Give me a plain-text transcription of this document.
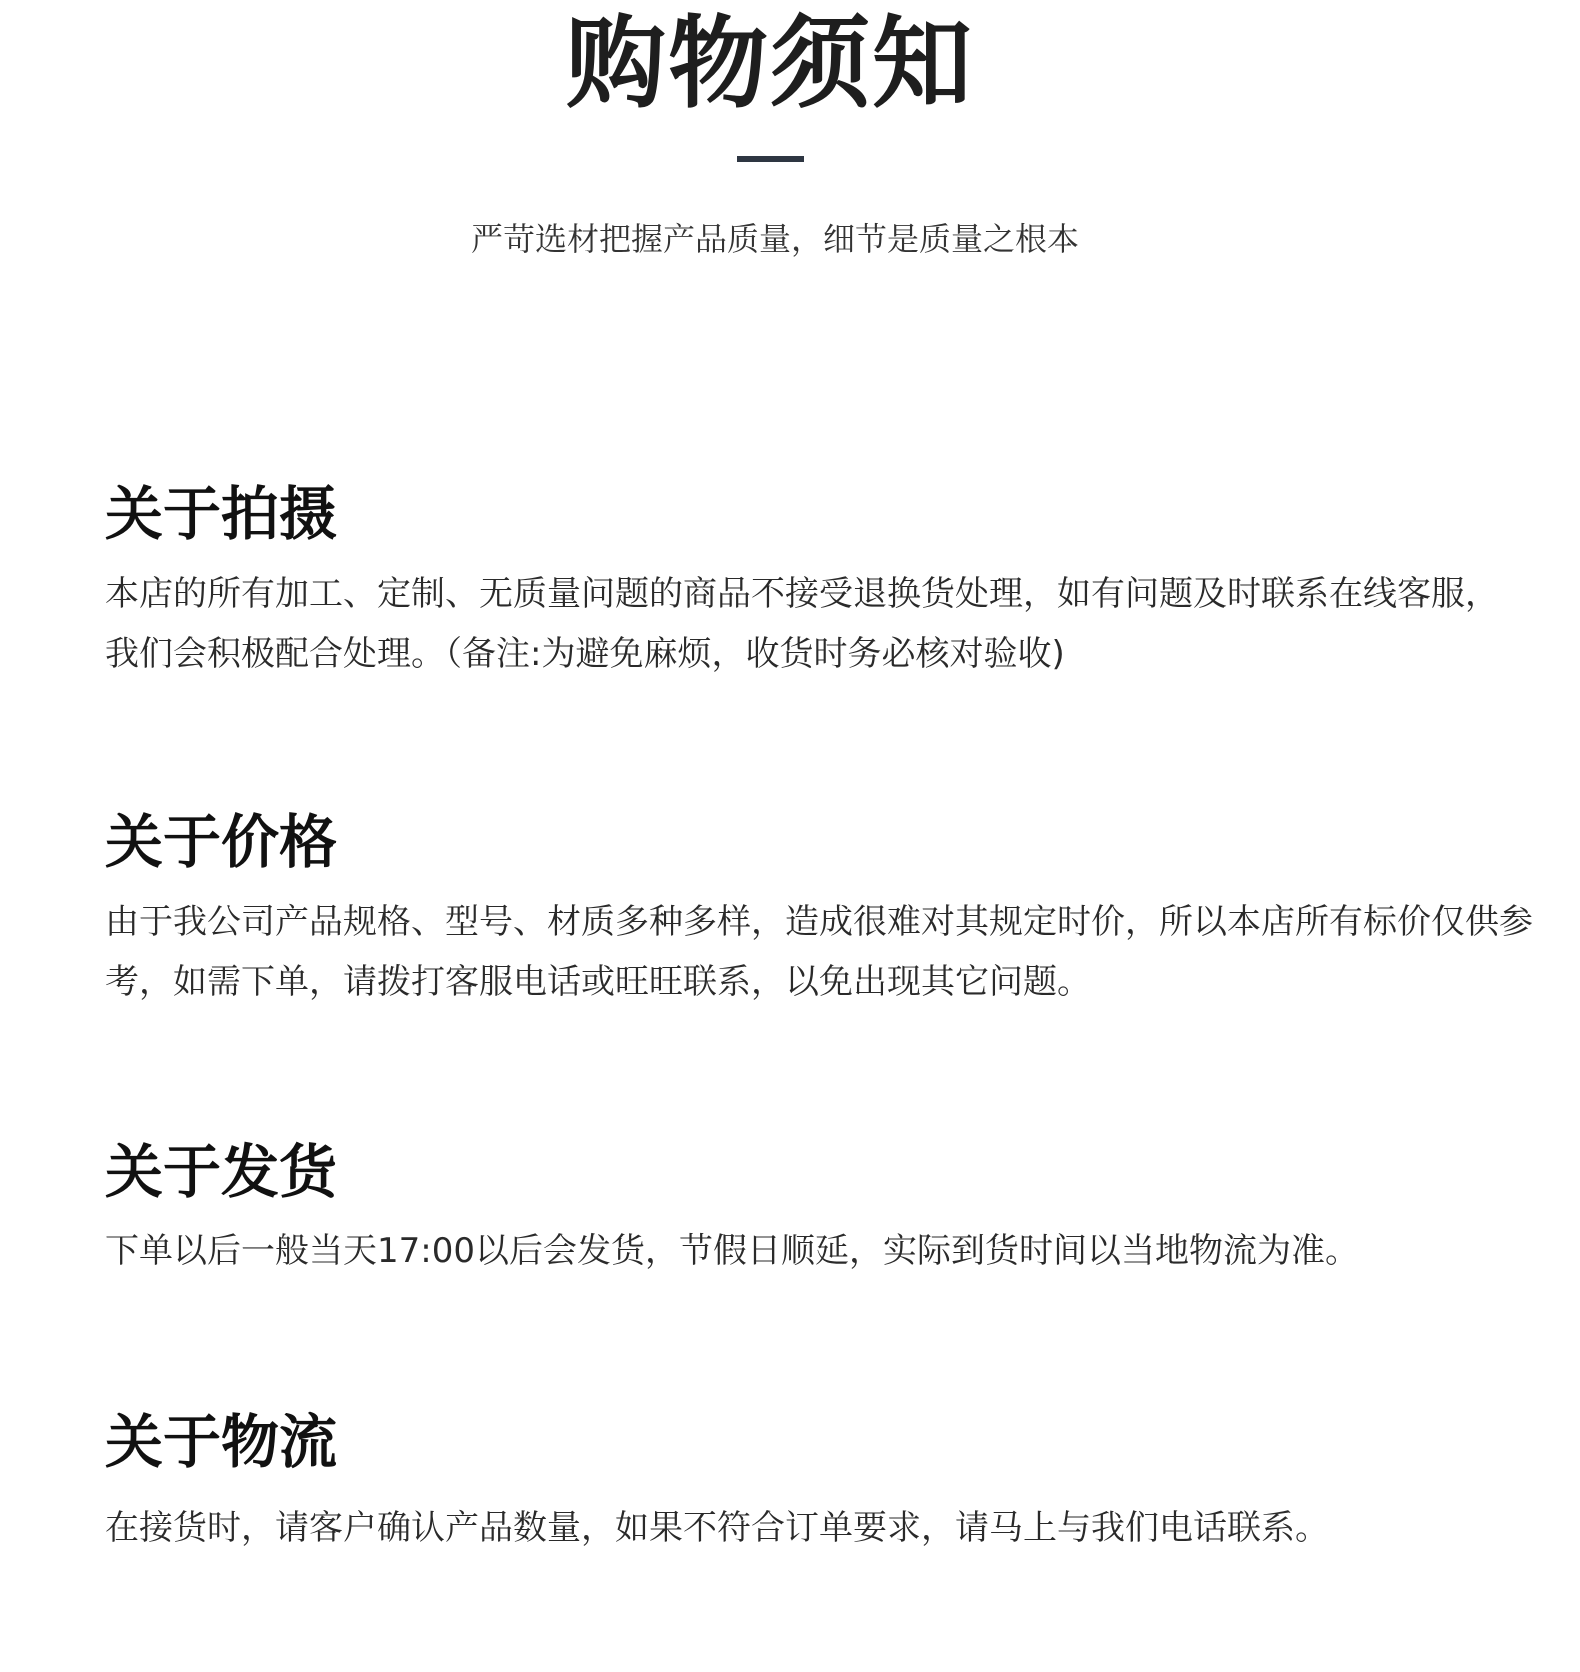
购物须知

严苛选材把握产品质量，细节是质量之根本

关于拍摄

本店的所有加工、定制、无质量问题的商品不接受退换货处理，如有问题及时联系在线客服，我们会积极配合处理。（备注:为避免麻烦，收货时务必核对验收)

关于价格

由于我公司产品规格、型号、材质多种多样，造成很难对其规定时价，所以本店所有标价仅供参考，如需下单，请拨打客服电话或旺旺联系，以免出现其它问题。

关于发货

下单以后一般当天17:00以后会发货，节假日顺延，实际到货时间以当地物流为准。

关于物流

在接货时，请客户确认产品数量，如果不符合订单要求，请马上与我们电话联系。
